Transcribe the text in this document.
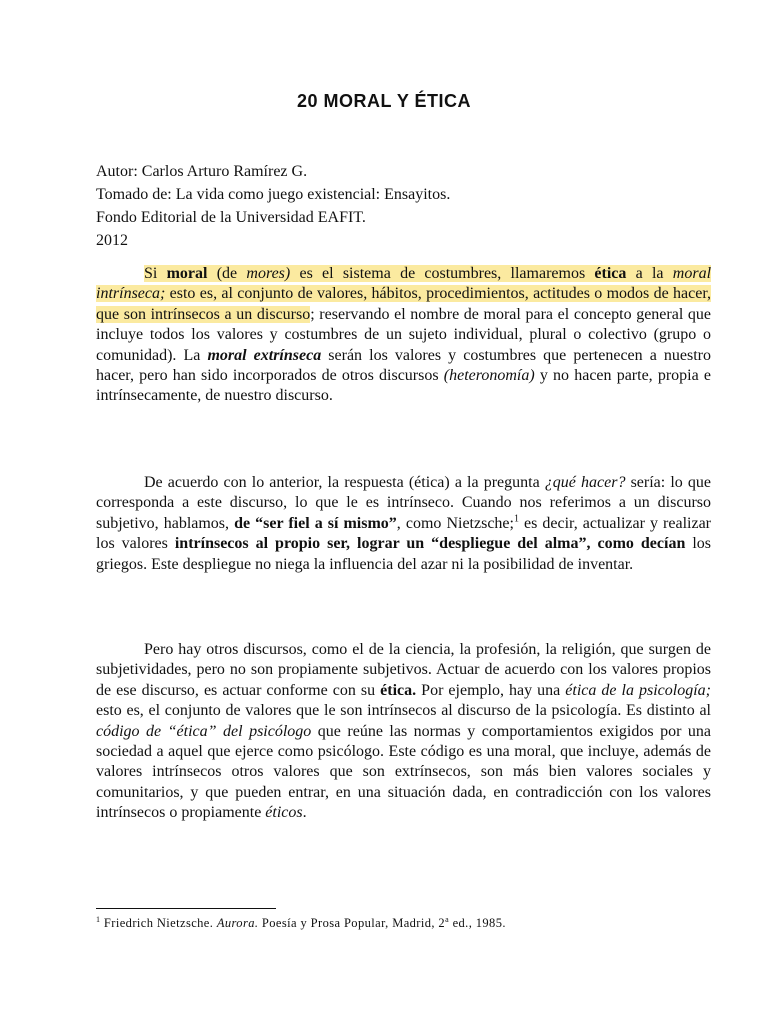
20 MORAL Y ÉTICA
Autor: Carlos Arturo Ramírez G.
Tomado de: La vida como juego existencial: Ensayitos.
Fondo Editorial de la Universidad EAFIT.
2012

Si moral (de mores) es el sistema de costumbres, llamaremos ética a la moral intrínseca; esto es, al conjunto de valores, hábitos, procedimientos, actitudes o modos de hacer, que son intrínsecos a un discurso; reservando el nombre de moral para el concepto general que incluye todos los valores y costumbres de un sujeto individual, plural o colectivo (grupo o comunidad). La moral extrínseca serán los valores y costumbres que pertenecen a nuestro hacer, pero han sido incorporados de otros discursos (heteronomía) y no hacen parte, propia e intrínsecamente, de nuestro discurso.

De acuerdo con lo anterior, la respuesta (ética) a la pregunta ¿qué hacer? sería: lo que corresponda a este discurso, lo que le es intrínseco. Cuando nos referimos a un discurso subjetivo, hablamos, de “ser fiel a sí mismo”, como Nietzsche;$^1$ es decir, actualizar y realizar los valores intrínsecos al propio ser, lograr un “despliegue del alma”, como decían los griegos. Este despliegue no niega la influencia del azar ni la posibilidad de inventar.

Pero hay otros discursos, como el de la ciencia, la profesión, la religión, que surgen de subjetividades, pero no son propiamente subjetivos. Actuar de acuerdo con los valores propios de ese discurso, es actuar conforme con su ética. Por ejemplo, hay una ética de la psicología; esto es, el conjunto de valores que le son intrínsecos al discurso de la psicología. Es distinto al código de “ética” del psicólogo que reúne las normas y comportamientos exigidos por una sociedad a aquel que ejerce como psicólogo. Este código es una moral, que incluye, además de valores intrínsecos otros valores que son extrínsecos, son más bien valores sociales y comunitarios, y que pueden entrar, en una situación dada, en contradicción con los valores intrínsecos o propiamente éticos.

$^1$ Friedrich Nietzsche. Aurora. Poesía y Prosa Popular, Madrid, 2$^a$ ed., 1985.
